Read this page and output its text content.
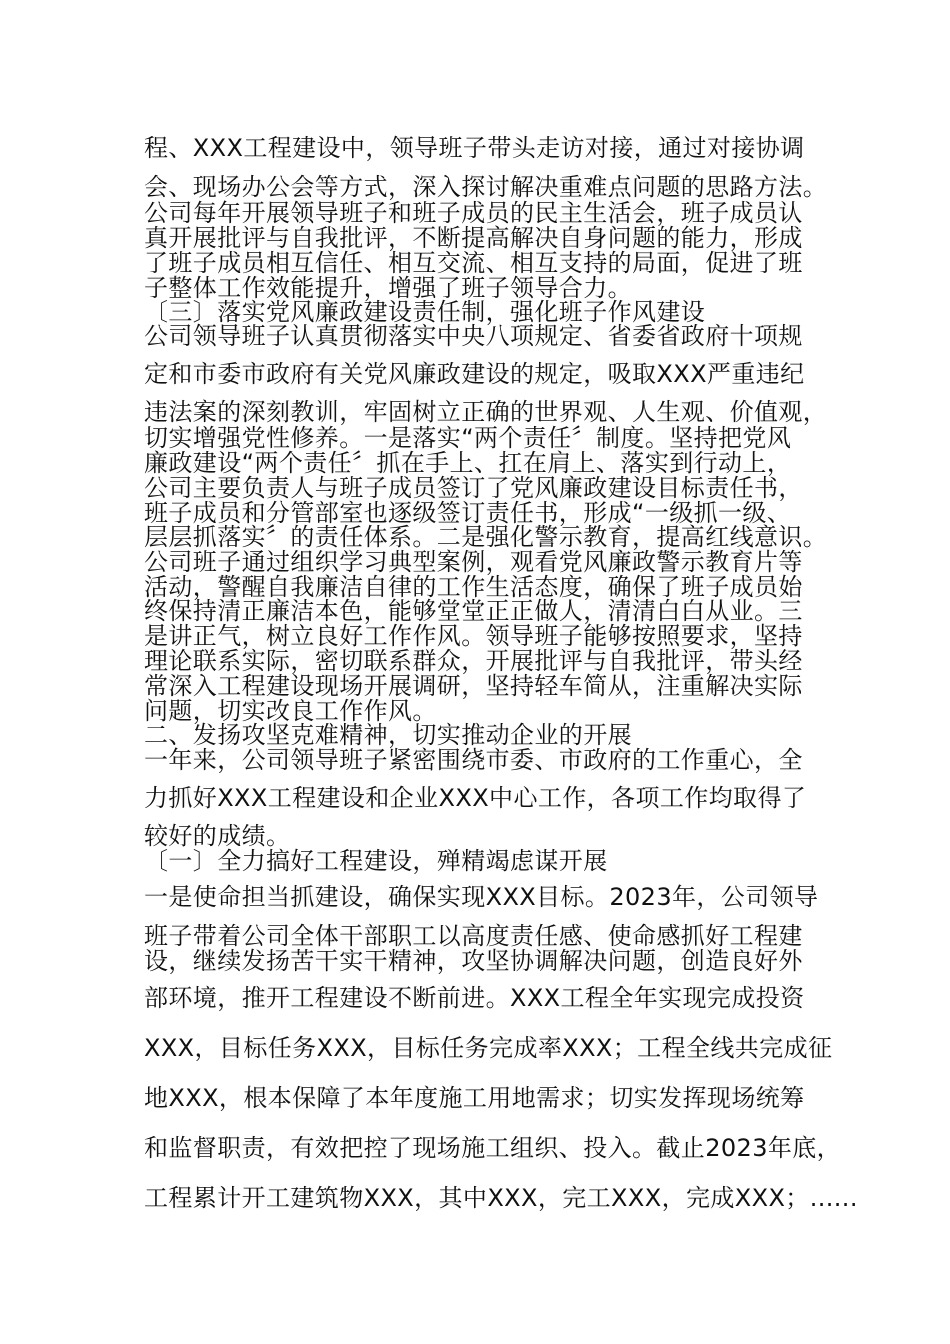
程、XXX工程建设中，领导班子带头走访对接，通过对接协调
会、现场办公会等方式，深入探讨解决重难点问题的思路方法。
公司每年开展领导班子和班子成员的民主生活会，班子成员认
真开展批评与自我批评，不断提高解决自身问题的能力，形成
了班子成员相互信任、相互交流、相互支持的局面，促进了班
子整体工作效能提升，增强了班子领导合力。
〔三〕落实党风廉政建设责任制，强化班子作风建设
公司领导班子认真贯彻落实中央八项规定、省委省政府十项规
定和市委市政府有关党风廉政建设的规定，吸取XXX严重违纪
违法案的深刻教训，牢固树立正确的世界观、人生观、价值观，
切实增强党性修养。一是落实“两个责任〞制度。坚持把党风
廉政建设“两个责任〞抓在手上、扛在肩上、落实到行动上，
公司主要负责人与班子成员签订了党风廉政建设目标责任书，
班子成员和分管部室也逐级签订责任书，形成“一级抓一级、
层层抓落实〞的责任体系。二是强化警示教育，提高红线意识。
公司班子通过组织学习典型案例，观看党风廉政警示教育片等
活动，警醒自我廉洁自律的工作生活态度，确保了班子成员始
终保持清正廉洁本色，能够堂堂正正做人，清清白白从业。三
是讲正气，树立良好工作作风。领导班子能够按照要求，坚持
理论联系实际，密切联系群众，开展批评与自我批评，带头经
常深入工程建设现场开展调研，坚持轻车简从，注重解决实际
问题，切实改良工作作风。
二、发扬攻坚克难精神，切实推动企业的开展
一年来，公司领导班子紧密围绕市委、市政府的工作重心，全
力抓好XXX工程建设和企业XXX中心工作，各项工作均取得了
较好的成绩。
〔一〕全力搞好工程建设，殚精竭虑谋开展
一是使命担当抓建设，确保实现XXX目标。2023年，公司领导
班子带着公司全体干部职工以高度责任感、使命感抓好工程建
设，继续发扬苦干实干精神，攻坚协调解决问题，创造良好外
部环境，推开工程建设不断前进。XXX工程全年实现完成投资
XXX，目标任务XXX，目标任务完成率XXX；工程全线共完成征
地XXX，根本保障了本年度施工用地需求；切实发挥现场统筹
和监督职责，有效把控了现场施工组织、投入。截止2023年底，
工程累计开工建筑物XXX，其中XXX，完工XXX，完成XXX；......
